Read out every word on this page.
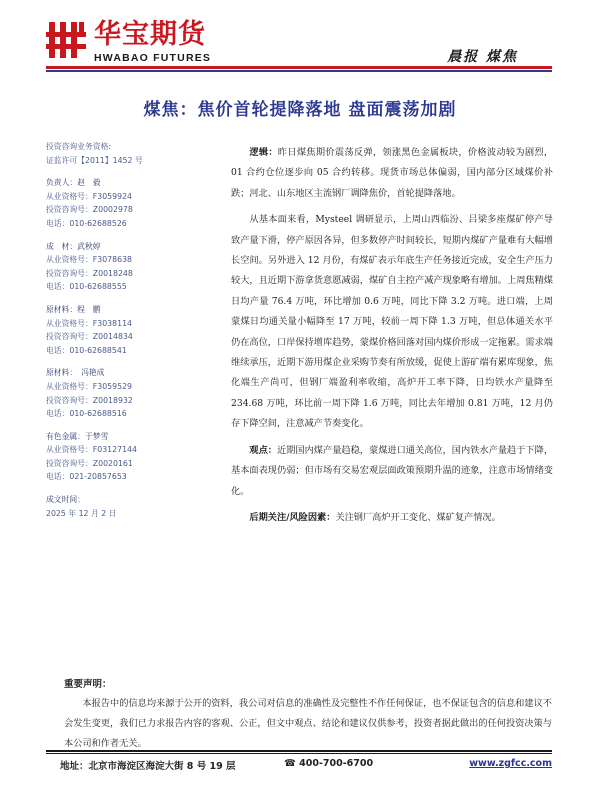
华宝期货
HWABAO FUTURES	晨报 煤焦
煤焦：焦价首轮提降落地 盘面震荡加剧
投资咨询业务资格:
证监许可【2011】1452 号
负责人：赵　毅
从业资格号：F3059924
投资咨询号：Z0002978
电话：010-62688526
成　材：武秋婷
从业资格号：F3078638
投资咨询号：Z0018248
电话：010-62688555
原材料：程　鹏
从业资格号：F3038114
投资咨询号：Z0014834
电话：010-62688541
原材料：　冯艳成
从业资格号：F3059529
投资咨询号：Z0018932
电话：010-62688516
有色金属：于梦雪
从业资格号：F03127144
投资咨询号：Z0020161
电话：021-20857653
成文时间：
2025 年 12 月 2 日

逻辑：昨日煤焦期价震荡反弹，领涨黑色金属板块，价格波动较为剧烈，01 合约仓位逐步向 05 合约转移。现货市场总体偏弱，国内部分区域煤价补跌；河北、山东地区主流钢厂调降焦价，首轮提降落地。

从基本面来看，Mysteel 调研显示，上周山西临汾、吕梁多座煤矿停产导致产量下滑，停产原因各异，但多数停产时间较长，短期内煤矿产量难有大幅增长空间。另外进入 12 月份，有煤矿表示年底生产任务接近完成，安全生产压力较大，且近期下游拿货意愿减弱，煤矿自主控产减产现象略有增加。上周焦精煤日均产量 76.4 万吨，环比增加 0.6 万吨，同比下降 3.2 万吨。进口端，上周蒙煤日均通关量小幅降至 17 万吨，较前一周下降 1.3 万吨，但总体通关水平仍在高位，口岸保持增库趋势，蒙煤价格回落对国内煤价形成一定拖累。需求端维续承压，近期下游用煤企业采购节奏有所放缓，促使上游矿端有累库现象，焦化端生产尚可，但钢厂端盈利率收缩，高炉开工率下降，日均铁水产量降至 234.68 万吨，环比前一周下降 1.6 万吨，同比去年增加 0.81 万吨，12 月仍存下降空间，注意减产节奏变化。

观点：近期国内煤产量趋稳，蒙煤进口通关高位，国内铁水产量趋于下降，基本面表现仍弱；但市场有交易宏观层面政策预期升温的迹象，注意市场情绪变化。

后期关注/风险因素：关注钢厂高炉开工变化、煤矿复产情况。

重要声明：
本报告中的信息均来源于公开的资料，我公司对信息的准确性及完整性不作任何保证，也不保证包含的信息和建议不会发生变更，我们已力求报告内容的客观、公正，但文中观点、结论和建议仅供参考，投资者据此做出的任何投资决策与本公司和作者无关。
地址：北京市海淀区海淀大街 8 号 19 层	☎ 400-700-6700	www.zgfcc.com
